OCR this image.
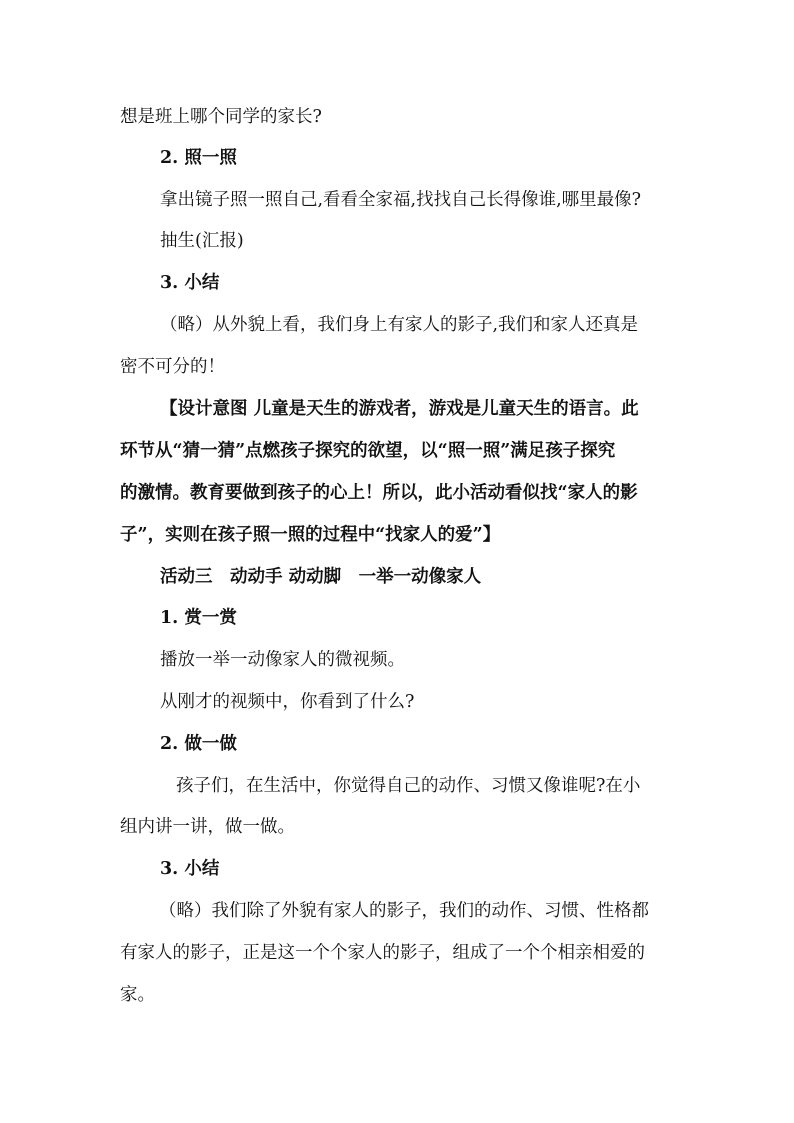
想是班上哪个同学的家长?
2. 照一照
拿出镜子照一照自己,看看全家福,找找自己长得像谁,哪里最像?
抽生(汇报)
3. 小结
（略）从外貌上看，我们身上有家人的影子,我们和家人还真是
密不可分的！
【设计意图 儿童是天生的游戏者，游戏是儿童天生的语言。此
环节从“猜一猜”点燃孩子探究的欲望，以“照一照”满足孩子探究
的激情。教育要做到孩子的心上！所以，此小活动看似找“家人的影
子”，实则在孩子照一照的过程中“找家人的爱”】
活动三　动动手 动动脚　一举一动像家人
1. 赏一赏
播放一举一动像家人的微视频。
从刚才的视频中，你看到了什么?
2. 做一做
孩子们，在生活中，你觉得自己的动作、习惯又像谁呢?在小
组内讲一讲，做一做。
3. 小结
（略）我们除了外貌有家人的影子，我们的动作、习惯、性格都
有家人的影子，正是这一个个家人的影子，组成了一个个相亲相爱的
家。
